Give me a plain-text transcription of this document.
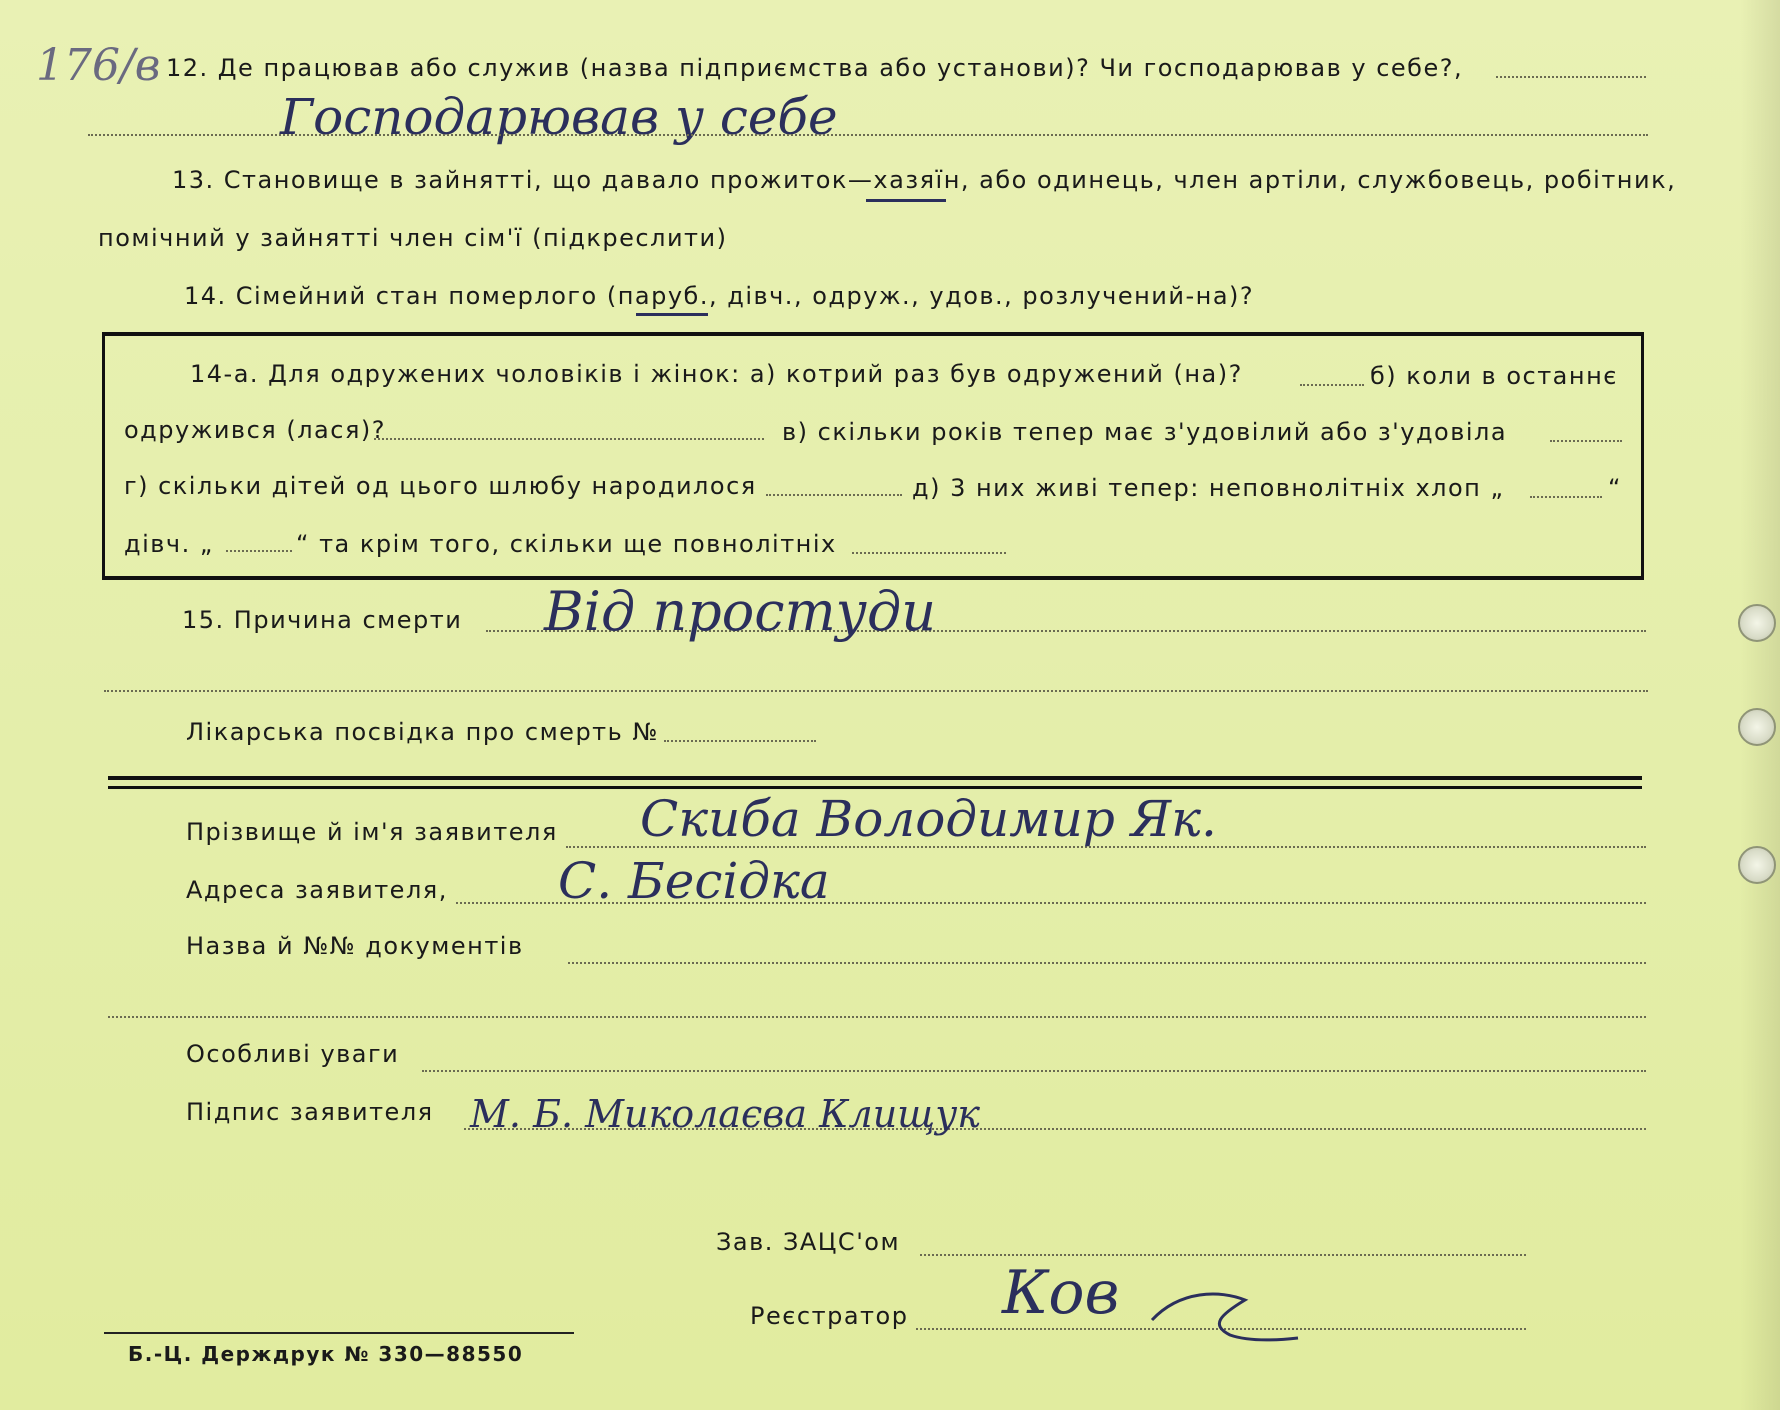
176/в 12. Де працював або служив (назва підприємства або установи)? Чи господарював у себе?,
Господарював у себе
13. Становище в зайнятті, що давало прожиток—хазяїн, або одинець, член артіли, службовець, робітник,
помічний у зайнятті член сім'ї (підкреслити)
14. Сімейний стан померлого (паруб., дівч., одруж., удов., розлучений-на)?
14-а. Для одружених чоловіків і жінок: а) котрий раз був одружений (на)?	б) коли в останнє
одружився (лася)?	в) скільки років тепер має з'удовілий або з'удовіла
г) скільки дітей од цього шлюбу народилося	д) 3 них живі тепер: неповнолітніх хлоп „	“
дівч. „	“ та крім того, скільки ще повнолітніх
15. Причина смерти Від простуди
Лікарська посвідка про смерть №
Прізвище й ім'я заявителя Скиба Володимир Як.
Адреса заявителя, С. Бесідка
Назва й №№ документів
Особливі уваги
Підпис заявителя М. Б. Миколаєва Клищук
Зав. ЗАЦС'ом
Реєстратор Ков
Б.-Ц. Держдрук № 330—88550
